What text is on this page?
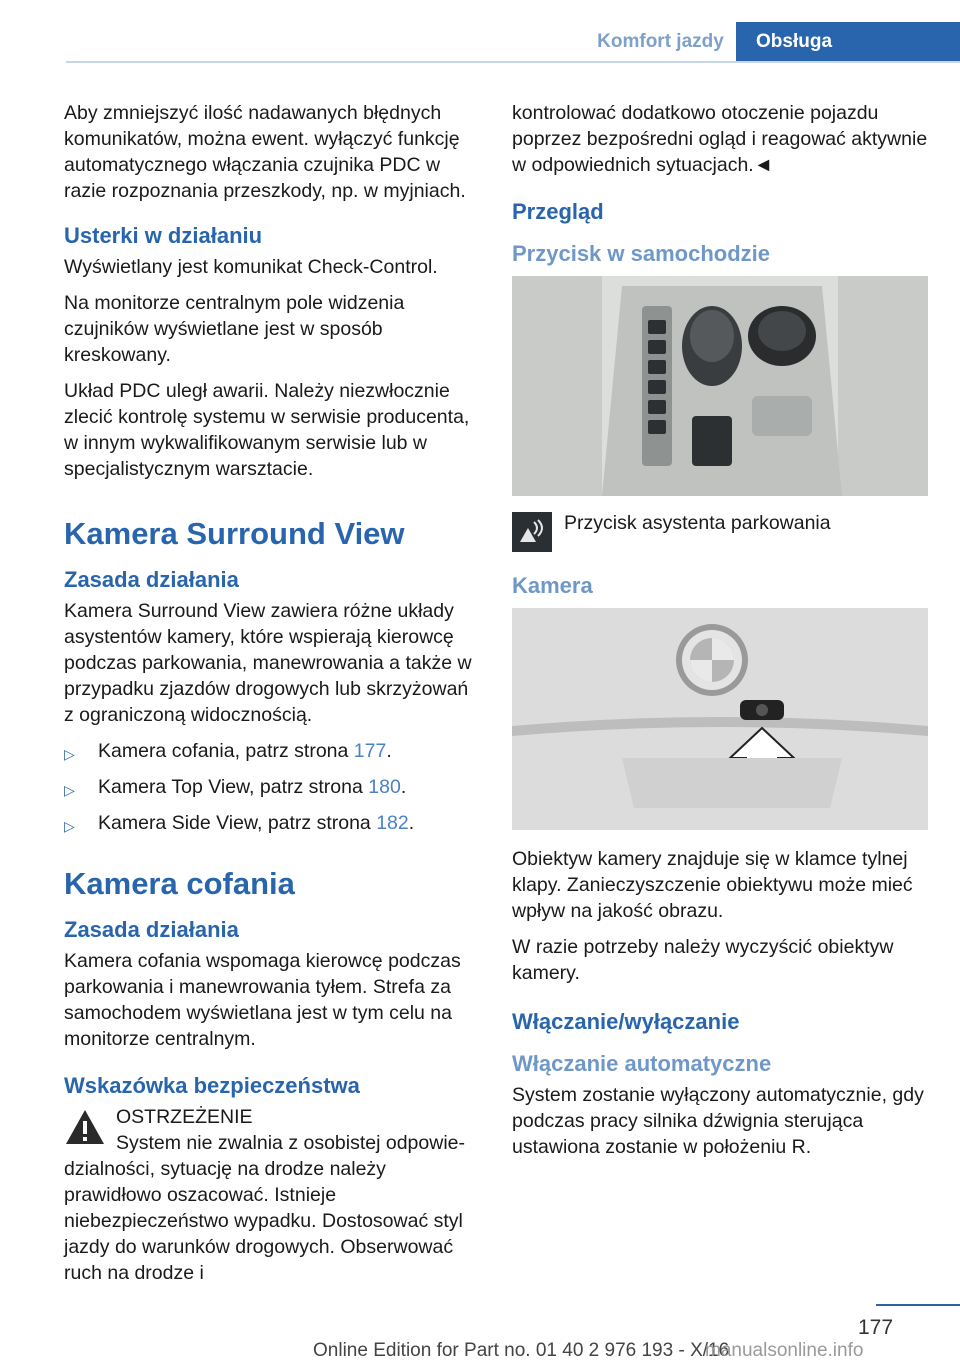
Komfort jazdy	Obsługa

Aby zmniejszyć ilość nadawanych błędnych komunikatów, można ewent. wyłączyć funkcję automatycznego włączania czujnika PDC w razie rozpoznania przeszkody, np. w myjniach.

Usterki w działaniu

Wyświetlany jest komunikat Check-Control.

Na monitorze centralnym pole widzenia czujników wyświetlane jest w sposób kreskowany.

Układ PDC uległ awarii. Należy niezwłocznie zlecić kontrolę systemu w serwisie producenta, w innym wykwalifikowanym serwisie lub w specjalistycznym warsztacie.

Kamera Surround View
Zasada działania

Kamera Surround View zawiera różne układy asystentów kamery, które wspierają kierowcę podczas parkowania, manewrowania a także w przypadku zjazdów drogowych lub skrzyżowań z ograniczoną widocznością.

▷ Kamera cofania, patrz strona 177.
▷ Kamera Top View, patrz strona 180.
▷ Kamera Side View, patrz strona 182.
Kamera cofania
Zasada działania

Kamera cofania wspomaga kierowcę podczas parkowania i manewrowania tyłem. Strefa za samochodem wyświetlana jest w tym celu na monitorze centralnym.

Wskazówka bezpieczeństwa
OSTRZEŻENIE
System nie zwalnia z osobistej odpowie-

dzialności, sytuację na drodze należy prawidłowo oszacować. Istnieje niebezpieczeństwo wypadku. Dostosować styl jazdy do warunków drogowych. Obserwować ruch na drodze i

kontrolować dodatkowo otoczenie pojazdu poprzez bezpośredni ogląd i reagować aktywnie w odpowiednich sytuacjach.◄

Przegląd
Przycisk w samochodzie
Przycisk asystenta parkowania
Kamera

Obiektyw kamery znajduje się w klamce tylnej klapy. Zanieczyszczenie obiektywu może mieć wpływ na jakość obrazu.

W razie potrzeby należy wyczyścić obiektyw kamery.

Włączanie/wyłączanie
Włączanie automatyczne

System zostanie wyłączony automatycznie, gdy podczas pracy silnika dźwignia sterująca ustawiona zostanie w położeniu R.

177
Online Edition for Part no. 01 40 2 976 193 - X/16
manualsonline.info
